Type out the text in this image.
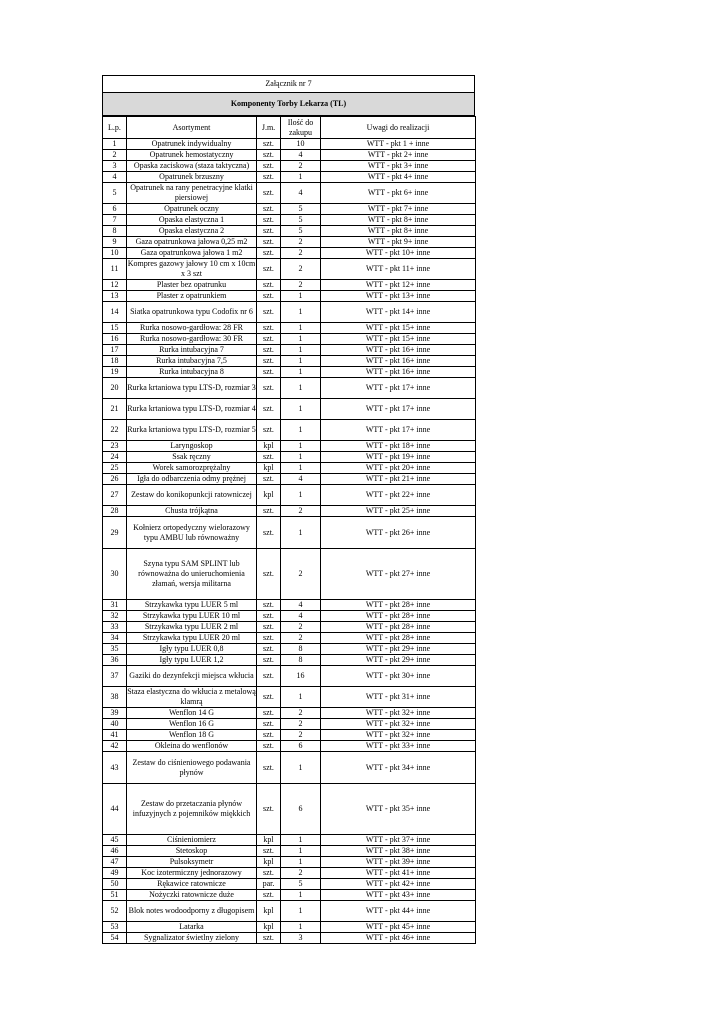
Załącznik nr 7
Komponenty Torby Lekarza (TL)
L.p.	Asortyment	J.m.	Ilość do zakupu	Uwagi do realizacji
1	Opatrunek indywidualny	szt.	10	WTT - pkt 1 + inne
2	Opatrunek hemostatyczny	szt.	4	WTT - pkt 2+ inne
3	Opaska zaciskowa (staza taktyczna)	szt.	2	WTT - pkt 3+ inne
4	Opatrunek brzuszny	szt.	1	WTT - pkt 4+ inne
5	Opatrunek na rany penetracyjne klatki piersiowej	szt.	4	WTT - pkt 6+ inne
6	Opatrunek oczny	szt.	5	WTT - pkt 7+ inne
7	Opaska elastyczna 1	szt.	5	WTT - pkt 8+ inne
8	Opaska elastyczna 2	szt.	5	WTT - pkt 8+ inne
9	Gaza opatrunkowa jałowa 0,25 m2	szt.	2	WTT - pkt 9+ inne
10	Gaza opatrunkowa jałowa 1 m2	szt.	2	WTT - pkt 10+ inne
11	Kompres gazowy jałowy 10 cm x 10cm x 3 szt	szt.	2	WTT - pkt 11+ inne
12	Plaster bez opatrunku	szt.	2	WTT - pkt 12+ inne
13	Plaster z opatrunkiem	szt.	1	WTT - pkt 13+ inne
14	Siatka opatrunkowa typu Codofix nr 6	szt.	1	WTT - pkt 14+ inne
15	Rurka nosowo-gardłowa: 28 FR	szt.	1	WTT - pkt 15+ inne
16	Rurka nosowo-gardłowa: 30 FR	szt.	1	WTT - pkt 15+ inne
17	Rurka intubacyjna 7	szt.	1	WTT - pkt 16+ inne
18	Rurka intubacyjna 7,5	szt.	1	WTT - pkt 16+ inne
19	Rurka intubacyjna 8	szt.	1	WTT - pkt 16+ inne
20	Rurka krtaniowa typu LTS-D, rozmiar 3	szt.	1	WTT - pkt 17+ inne
21	Rurka krtaniowa typu LTS-D, rozmiar 4	szt.	1	WTT - pkt 17+ inne
22	Rurka krtaniowa typu LTS-D, rozmiar 5	szt.	1	WTT - pkt 17+ inne
23	Laryngoskop	kpl	1	WTT - pkt 18+ inne
24	Ssak ręczny	szt.	1	WTT - pkt 19+ inne
25	Worek samorozprężalny	kpl	1	WTT - pkt 20+ inne
26	Igła do odbarczenia odmy prężnej	szt.	4	WTT - pkt 21+ inne
27	Zestaw do konikopunkcji ratowniczej	kpl	1	WTT - pkt 22+ inne
28	Chusta trójkątna	szt.	2	WTT - pkt 25+ inne
29	Kołnierz ortopedyczny wielorazowy typu AMBU lub równoważny	szt.	1	WTT - pkt 26+ inne
30	Szyna typu SAM SPLINT lub równoważna do unieruchomienia złamań, wersja militarna	szt.	2	WTT - pkt 27+ inne
31	Strzykawka typu LUER 5 ml	szt.	4	WTT - pkt 28+ inne
32	Strzykawka typu LUER 10 ml	szt.	4	WTT - pkt 28+ inne
33	Strzykawka typu LUER 2 ml	szt.	2	WTT - pkt 28+ inne
34	Strzykawka typu LUER 20 ml	szt.	2	WTT - pkt 28+ inne
35	Igły typu LUER 0,8	szt.	8	WTT - pkt 29+ inne
36	Igły typu LUER 1,2	szt.	8	WTT - pkt 29+ inne
37	Gaziki do dezynfekcji miejsca wkłucia	szt.	16	WTT - pkt 30+ inne
38	Staza elastyczna do wkłucia z metalową klamrą	szt.	1	WTT - pkt 31+ inne
39	Wenflon 14 G	szt.	2	WTT - pkt 32+ inne
40	Wenflon 16 G	szt.	2	WTT - pkt 32+ inne
41	Wenflon 18 G	szt.	2	WTT - pkt 32+ inne
42	Okleina do wenflonów	szt.	6	WTT - pkt 33+ inne
43	Zestaw do ciśnieniowego podawania płynów	szt.	1	WTT - pkt 34+ inne
44	Zestaw do przetaczania płynów infuzyjnych z pojemników miękkich	szt.	6	WTT - pkt 35+ inne
45	Ciśnieniomierz	kpl	1	WTT - pkt 37+ inne
46	Stetoskop	szt.	1	WTT - pkt 38+ inne
47	Pulsoksymetr	kpl	1	WTT - pkt 39+ inne
49	Koc izotermiczny jednorazowy	szt.	2	WTT - pkt 41+ inne
50	Rękawice ratownicze	par.	5	WTT - pkt 42+ inne
51	Nożyczki ratownicze duże	szt.	1	WTT - pkt 43+ inne
52	Blok notes wodoodporny z długopisem	kpl	1	WTT - pkt 44+ inne
53	Latarka	kpl	1	WTT - pkt 45+ inne
54	Sygnalizator świetlny zielony	szt.	3	WTT - pkt 46+ inne
